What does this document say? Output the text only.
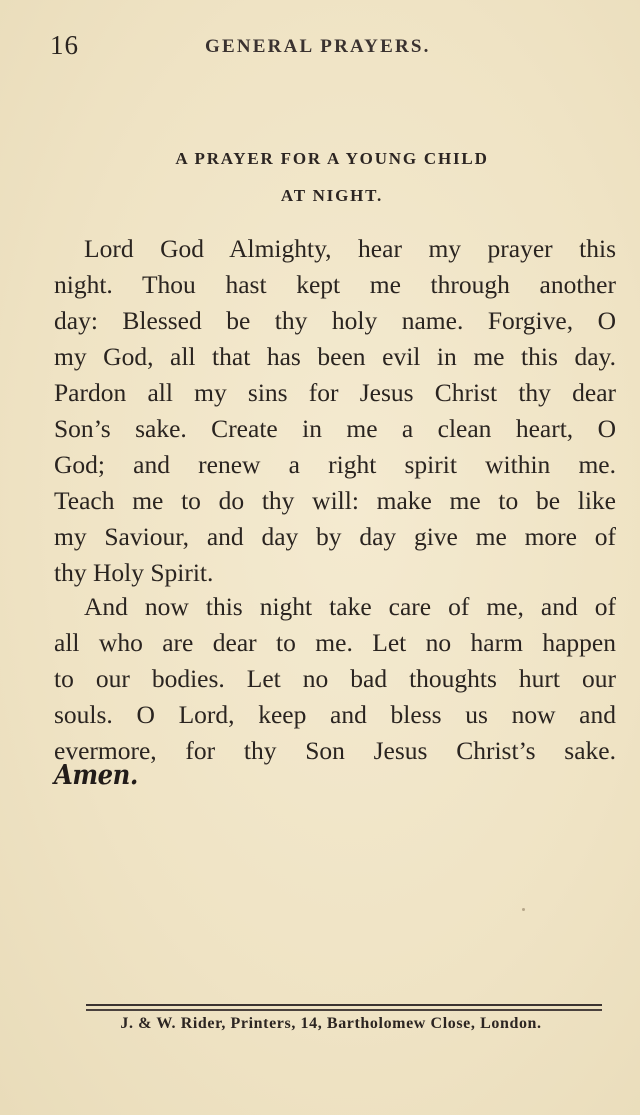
16	GENERAL PRAYERS.
A PRAYER FOR A YOUNG CHILD
AT NIGHT.
Lord God Almighty, hear my prayer this
night. Thou hast kept me through another
day: Blessed be thy holy name. Forgive, O
my God, all that has been evil in me this day.
Pardon all my sins for Jesus Christ thy dear
Son’s sake. Create in me a clean heart, O
God; and renew a right spirit within me.
Teach me to do thy will: make me to be like
my Saviour, and day by day give me more of
thy Holy Spirit.
And now this night take care of me, and of
all who are dear to me. Let no harm happen
to our bodies. Let no bad thoughts hurt our
souls. O Lord, keep and bless us now and
evermore, for thy Son Jesus Christ’s sake.
Amen.
J. & W. Rider, Printers, 14, Bartholomew Close, London.
